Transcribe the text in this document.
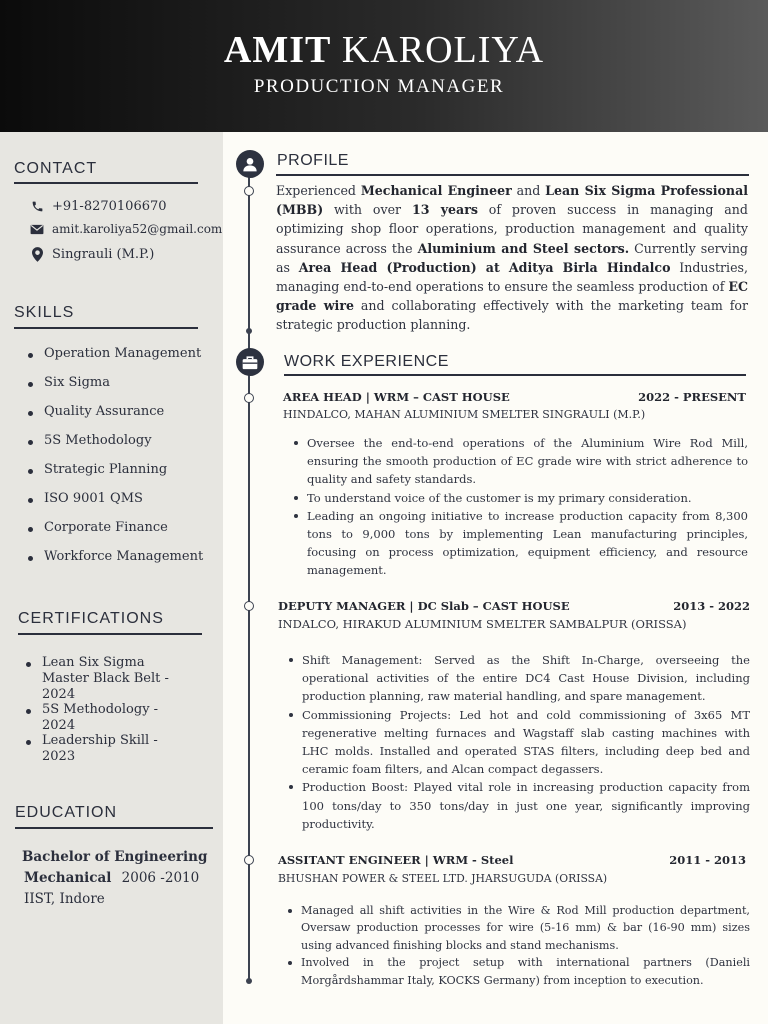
AMIT KAROLIYA
PRODUCTION MANAGER
CONTACT
+91-8270106670
amit.karoliya52@gmail.com
Singrauli (M.P.)
SKILLS
Operation Management
Six Sigma
Quality Assurance
5S Methodology
Strategic Planning
ISO 9001 QMS
Corporate Finance
Workforce Management
CERTIFICATIONS
Lean Six Sigma Master Black Belt - 2024
5S Methodology - 2024
Leadership Skill - 2023
EDUCATION
Bachelor of Engineering
Mechanical 2006 -2010
IIST, Indore
PROFILE
Experienced Mechanical Engineer and Lean Six Sigma Professional (MBB) with over 13 years of proven success in managing and optimizing shop floor operations, production management and quality assurance across the Aluminium and Steel sectors. Currently serving as Area Head (Production) at Aditya Birla Hindalco Industries, managing end-to-end operations to ensure the seamless production of EC grade wire and collaborating effectively with the marketing team for strategic production planning.
WORK EXPERIENCE
AREA HEAD | WRM – CAST HOUSE	2022 - PRESENT
HINDALCO, MAHAN ALUMINIUM SMELTER SINGRAULI (M.P.)
Oversee the end-to-end operations of the Aluminium Wire Rod Mill, ensuring the smooth production of EC grade wire with strict adherence to quality and safety standards.
To understand voice of the customer is my primary consideration.
Leading an ongoing initiative to increase production capacity from 8,300 tons to 9,000 tons by implementing Lean manufacturing principles, focusing on process optimization, equipment efficiency, and resource management.
DEPUTY MANAGER | DC Slab – CAST HOUSE	2013 - 2022
INDALCO, HIRAKUD ALUMINIUM SMELTER SAMBALPUR (ORISSA)
Shift Management: Served as the Shift In-Charge, overseeing the operational activities of the entire DC4 Cast House Division, including production planning, raw material handling, and spare management.
Commissioning Projects: Led hot and cold commissioning of 3x65 MT regenerative melting furnaces and Wagstaff slab casting machines with LHC molds. Installed and operated STAS filters, including deep bed and ceramic foam filters, and Alcan compact degassers.
Production Boost: Played vital role in increasing production capacity from 100 tons/day to 350 tons/day in just one year, significantly improving productivity.
ASSITANT ENGINEER | WRM - Steel	2011 - 2013
BHUSHAN POWER & STEEL LTD. JHARSUGUDA (ORISSA)
Managed all shift activities in the Wire & Rod Mill production department, Oversaw production processes for wire (5-16 mm) & bar (16-90 mm) sizes using advanced finishing blocks and stand mechanisms.
Involved in the project setup with international partners (Danieli Morgårdshammar Italy, KOCKS Germany) from inception to execution.
